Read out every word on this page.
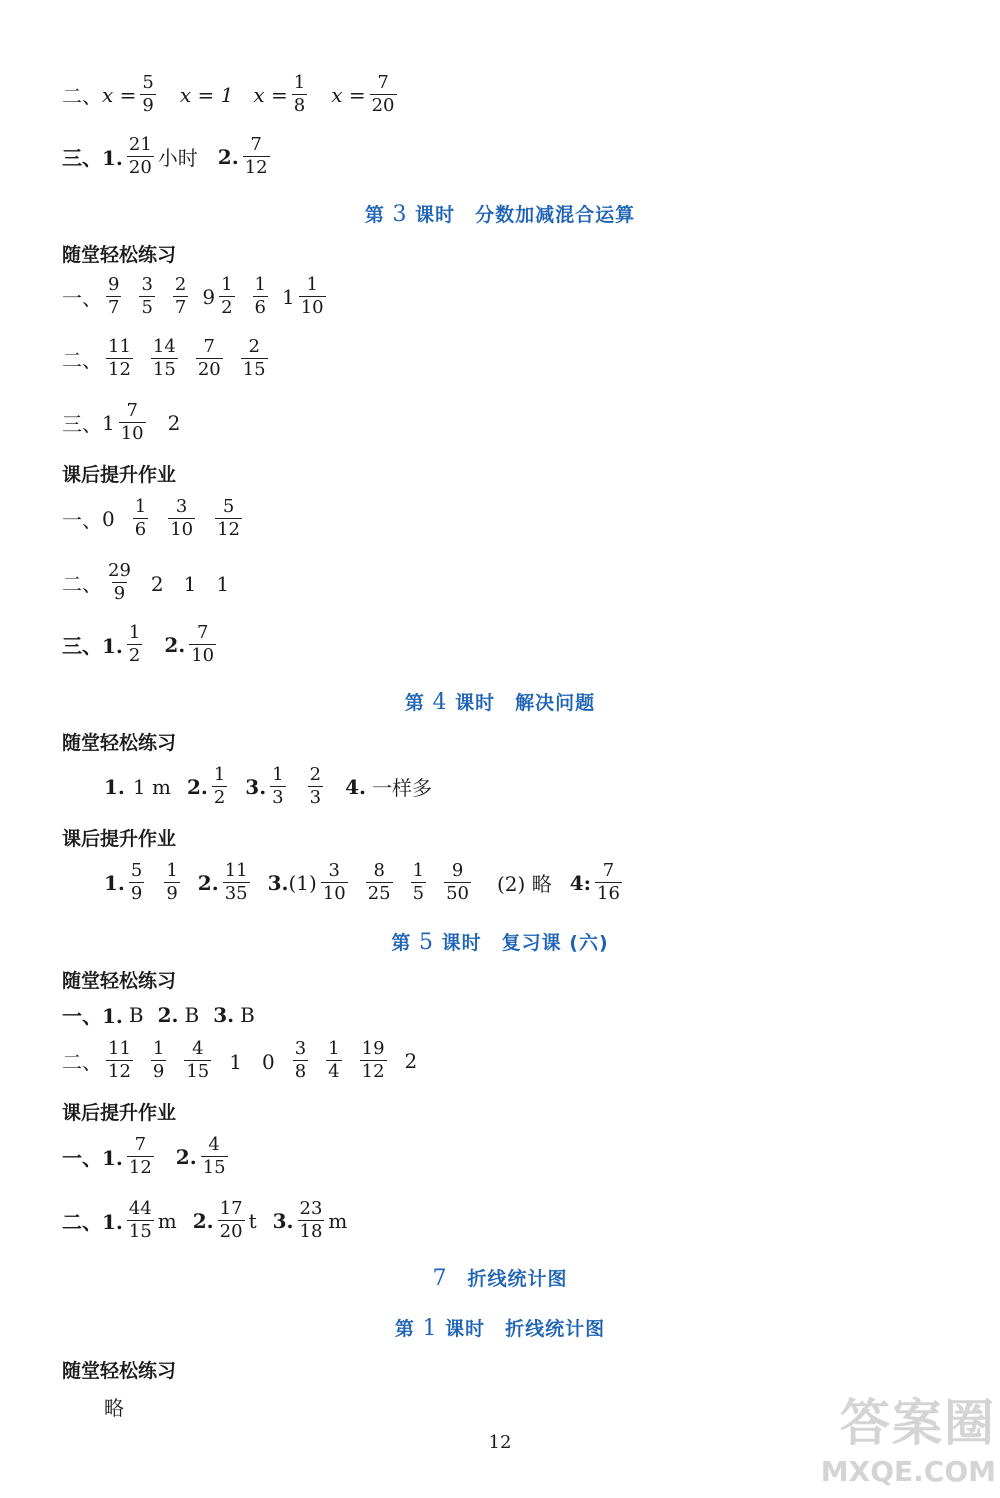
二、 $x = \frac{5}{9}$ x = 1 $x = \frac{1}{8}$ $x = \frac{7}{20}$
三、1.
21
20 小时 2. 7
12
第 3 课时　 分数加减混合运算
随堂轻松练习
一、
9
7
3
5
2
7 9 1
2
1
6 1 1
10
二、
11
12
14
15
7
20
2
15
三、 1 7
10 2
课后提升作业
一、 0 1
6
3
10
5
12
二、
29
9 2　1　1
三、1.
1
2 2. 7
10
第 4 课时　 解决问题
随堂轻松练习
1. 1 m 2. 1
2 3. 1
3
2
3 4. 一样多
课后提升作业
1. 5
9
1
9 2. 11
35 3. (1) 3
10
8
25
1
5
9
50 (2) 略 4: 7
16
第 5 课时　 复习课 (六)
随堂轻松练习
一、1. B 2. B 3. B
二、
11
12
1
9
4
15 1　0
3
8
1
4
19
12 2
课后提升作业
一、1.
7
12 2. 4
15
二、1.
44
15 m 2. 17
20 t 3. 23
18 m
7　 折线统计图
第 1 课时　 折线统计图
随堂轻松练习
略
12	答案圈
MXQE.COM
